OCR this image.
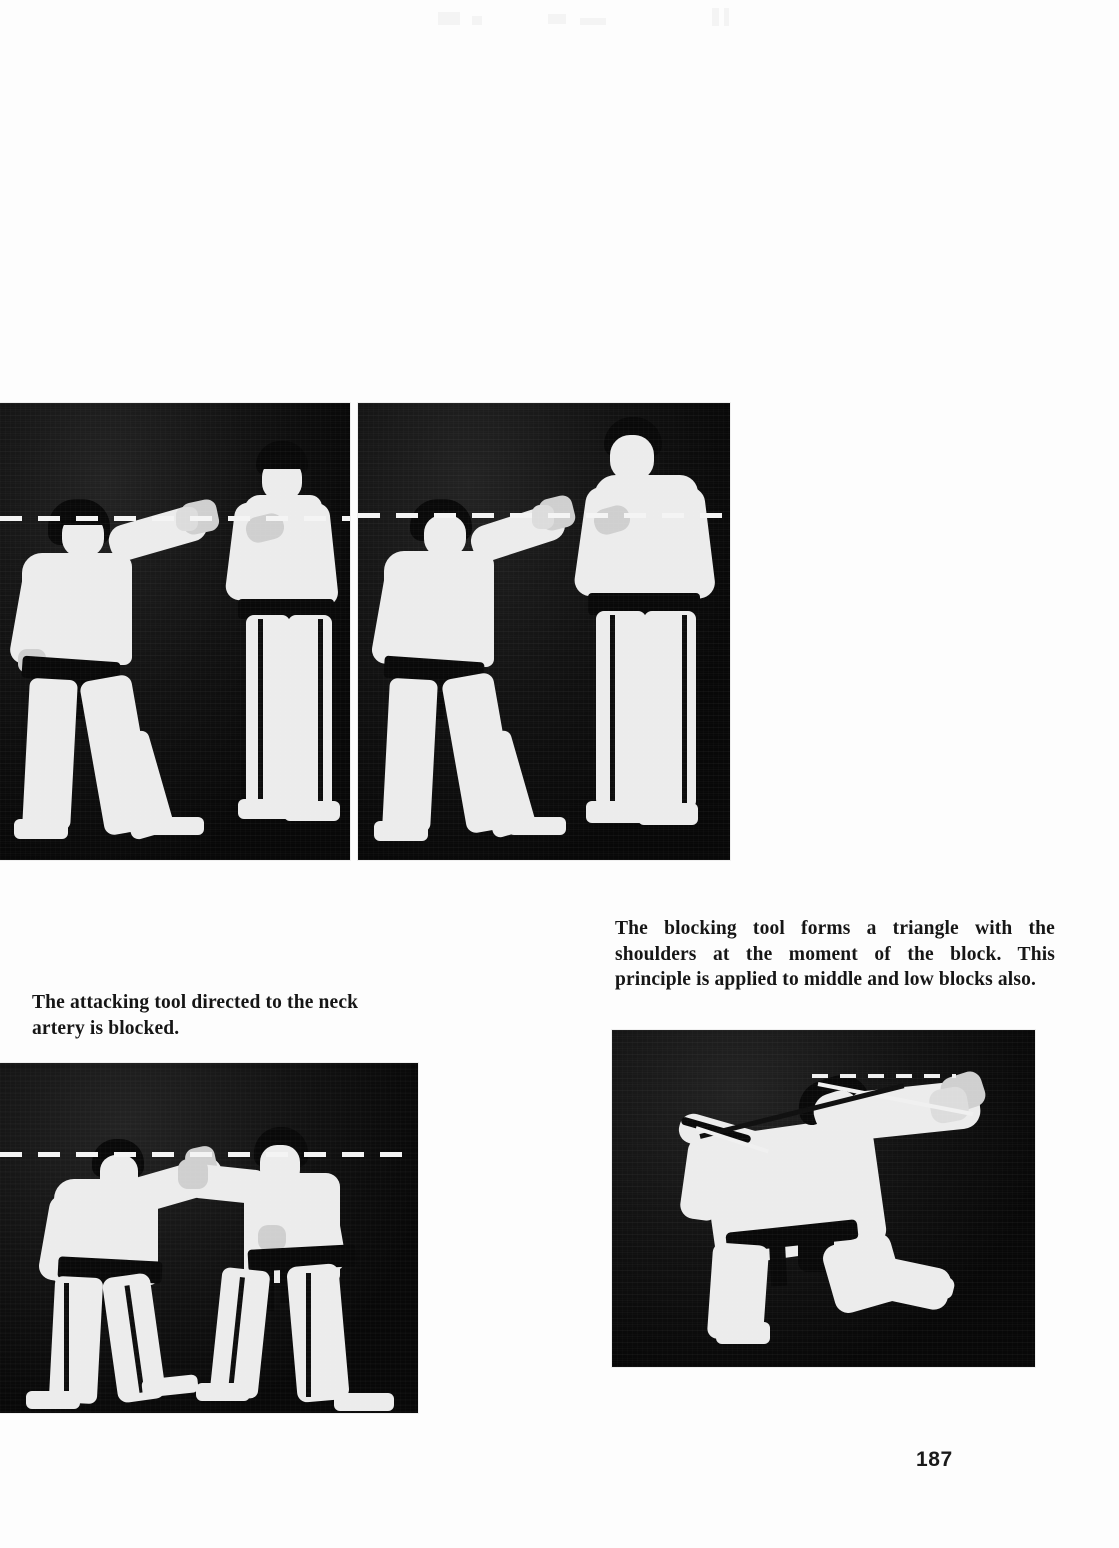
The blocking tool forms a triangle with the shoulders at the moment of the block. This principle is applied to middle and low blocks also.
The attacking tool directed to the neck artery is blocked.
187
